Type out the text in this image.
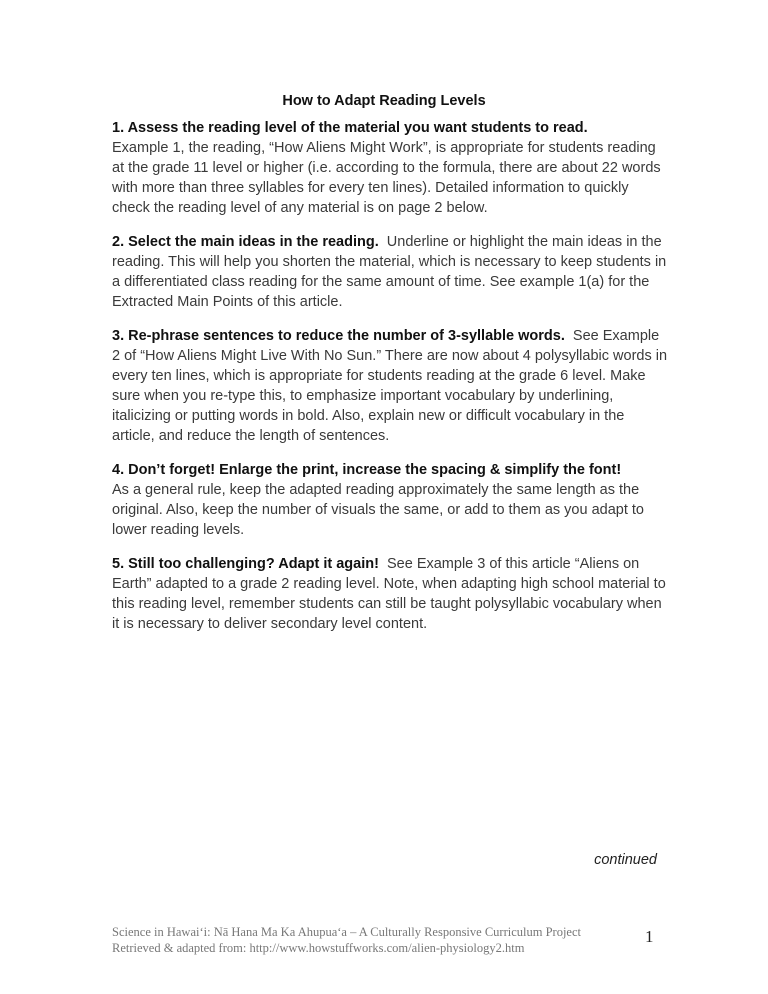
How to Adapt Reading Levels
1. Assess the reading level of the material you want students to read.
Example 1, the reading, “How Aliens Might Work”, is appropriate for students reading at the grade 11 level or higher (i.e. according to the formula, there are about 22 words with more than three syllables for every ten lines). Detailed information to quickly check the reading level of any material is on page 2 below.
2. Select the main ideas in the reading. Underline or highlight the main ideas in the reading. This will help you shorten the material, which is necessary to keep students in a differentiated class reading for the same amount of time. See example 1(a) for the Extracted Main Points of this article.
3. Re-phrase sentences to reduce the number of 3-syllable words. See Example 2 of “How Aliens Might Live With No Sun.” There are now about 4 polysyllabic words in every ten lines, which is appropriate for students reading at the grade 6 level. Make sure when you re-type this, to emphasize important vocabulary by underlining, italicizing or putting words in bold. Also, explain new or difficult vocabulary in the article, and reduce the length of sentences.
4. Don’t forget! Enlarge the print, increase the spacing & simplify the font!
As a general rule, keep the adapted reading approximately the same length as the original. Also, keep the number of visuals the same, or add to them as you adapt to lower reading levels.
5. Still too challenging? Adapt it again! See Example 3 of this article “Aliens on Earth” adapted to a grade 2 reading level. Note, when adapting high school material to this reading level, remember students can still be taught polysyllabic vocabulary when it is necessary to deliver secondary level content.
continued
Science in Hawai‘i: Nā Hana Ma Ka Ahupua‘a – A Culturally Responsive Curriculum Project
Retrieved & adapted from: http://www.howstuffworks.com/alien-physiology2.htm
1
